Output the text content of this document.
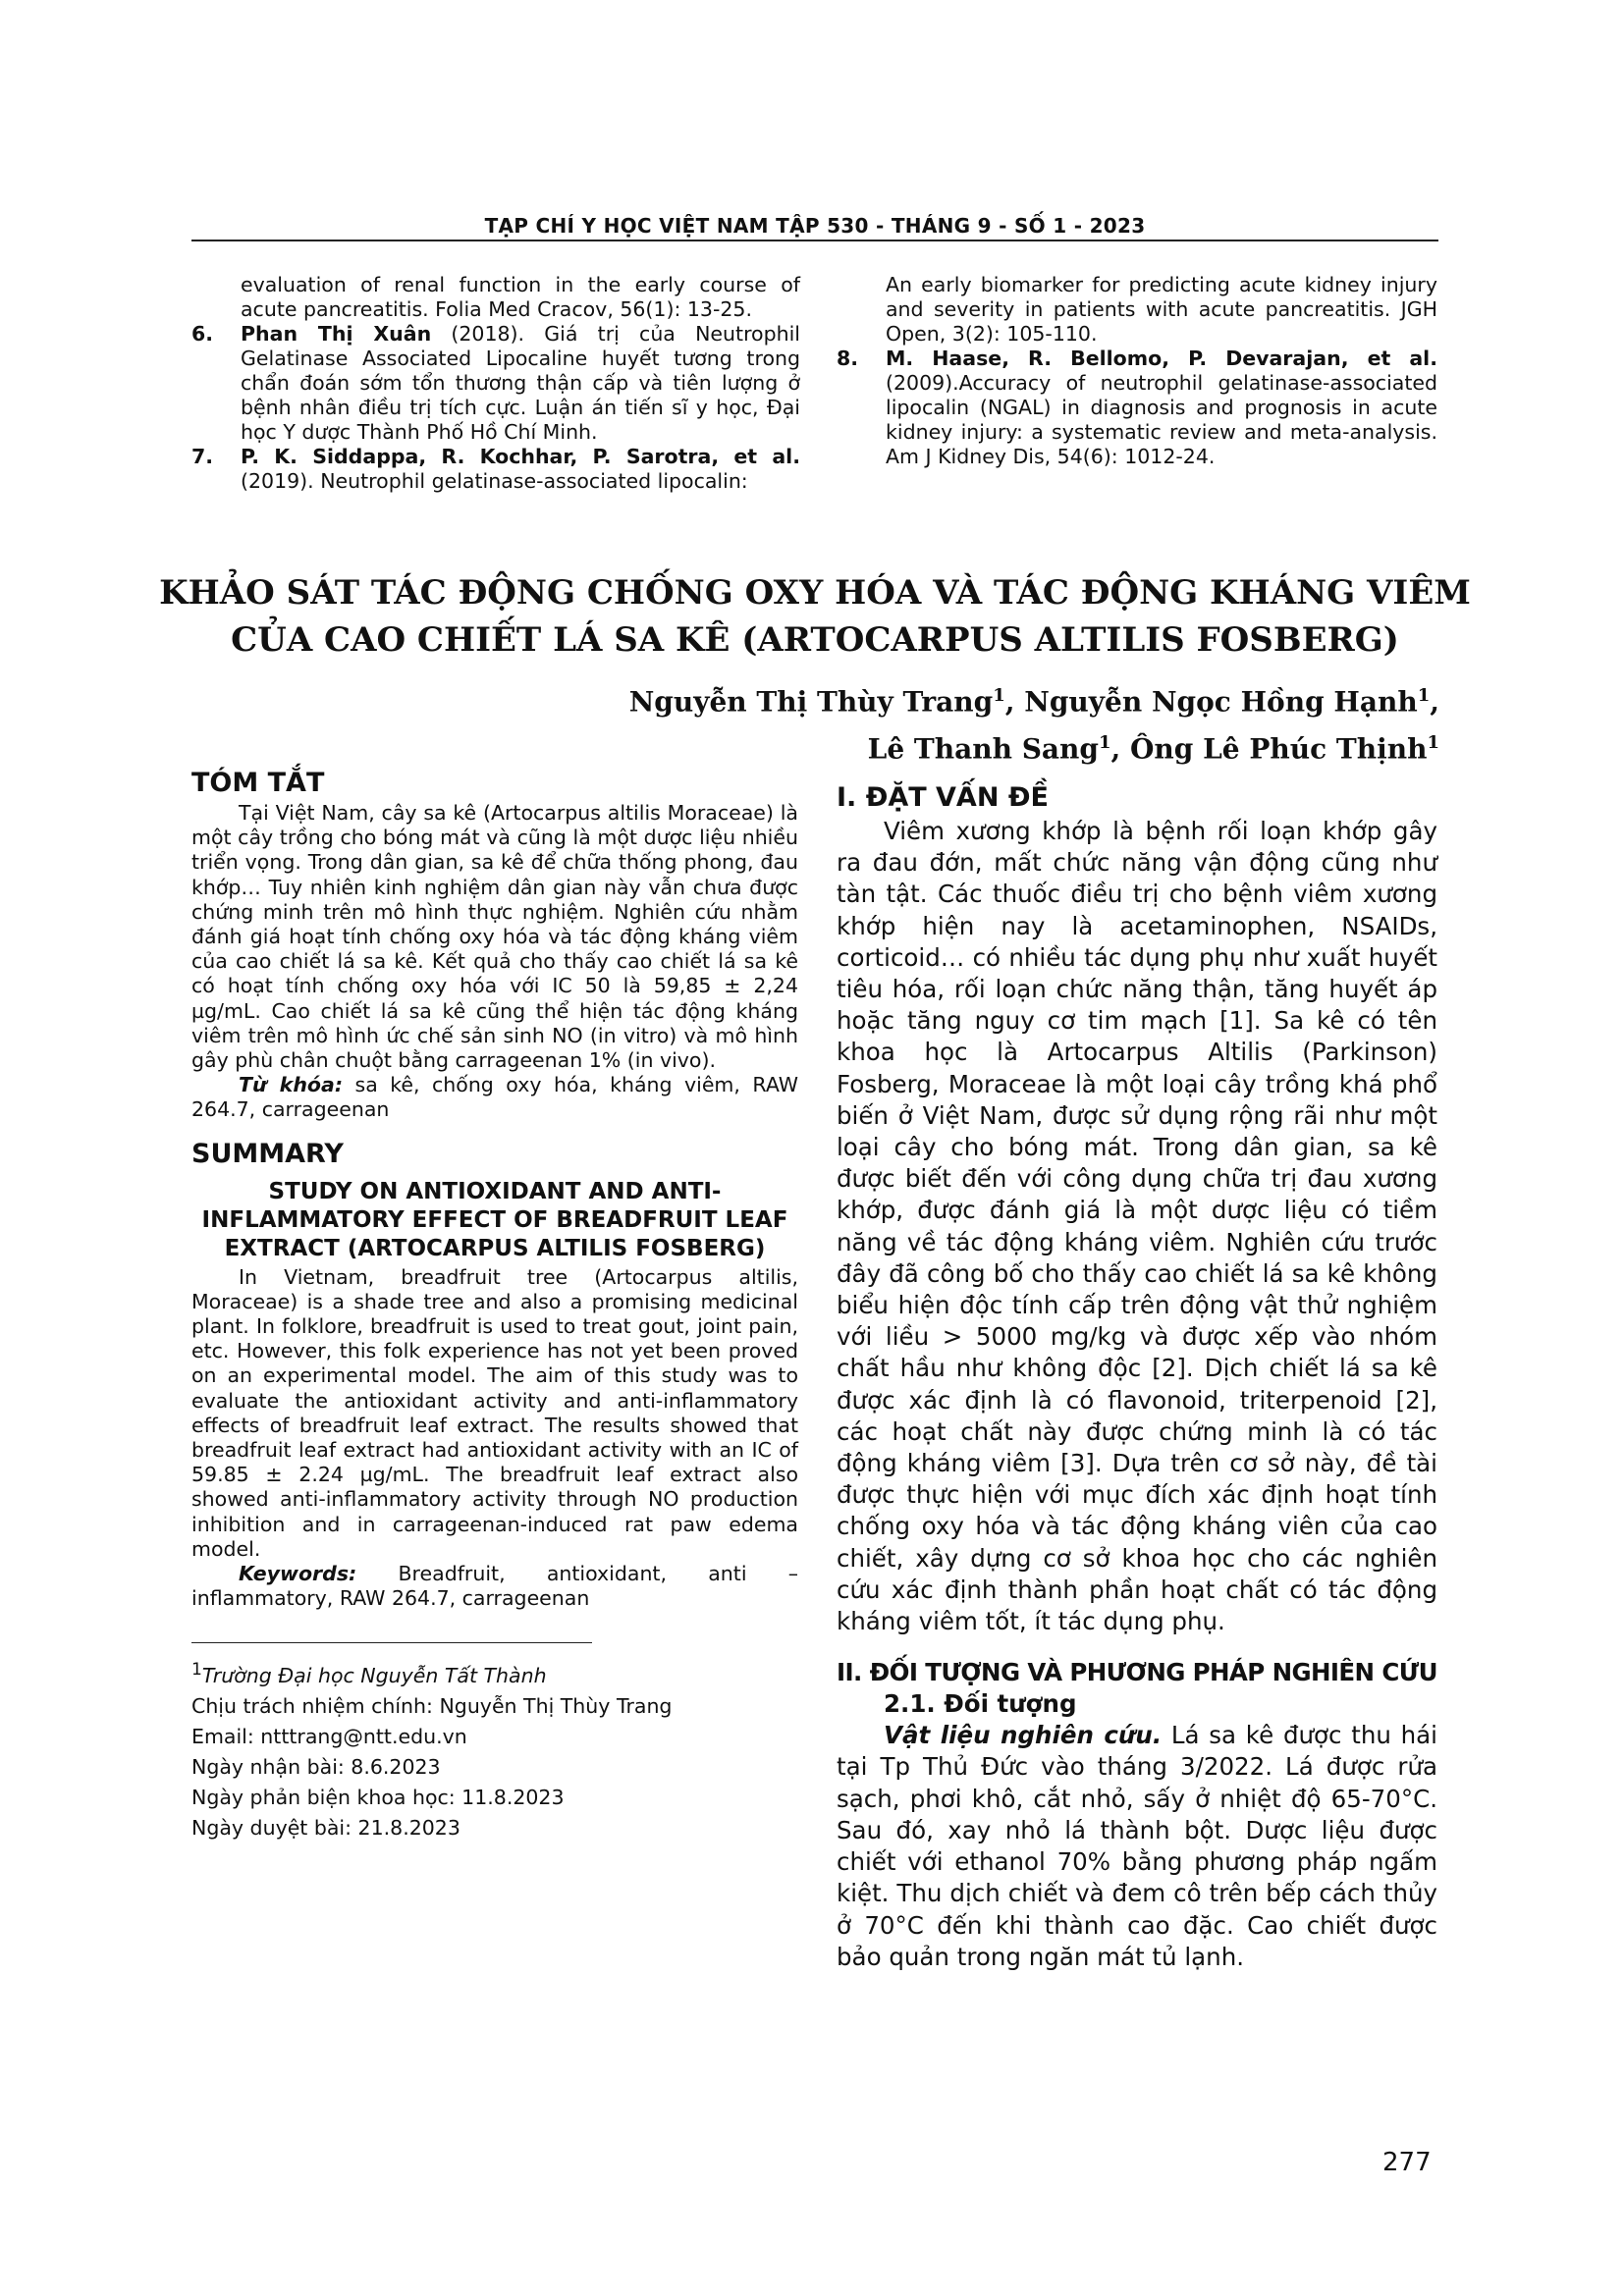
TẠP CHÍ Y HỌC VIỆT NAM TẬP 530 - THÁNG 9 - SỐ 1 - 2023

evaluation of renal function in the early course of acute pancreatitis. Folia Med Cracov, 56(1): 13-25.

6. Phan Thị Xuân (2018). Giá trị của Neutrophil Gelatinase Associated Lipocaline huyết tương trong chẩn đoán sớm tổn thương thận cấp và tiên lượng ở bệnh nhân điều trị tích cực. Luận án tiến sĩ y học, Đại học Y dược Thành Phố Hồ Chí Minh.

7. P. K. Siddappa, R. Kochhar, P. Sarotra, et al. (2019). Neutrophil gelatinase-associated lipocalin:

An early biomarker for predicting acute kidney injury and severity in patients with acute pancreatitis. JGH Open, 3(2): 105-110.

8. M. Haase, R. Bellomo, P. Devarajan, et al. (2009).Accuracy of neutrophil gelatinase-associated lipocalin (NGAL) in diagnosis and prognosis in acute kidney injury: a systematic review and meta-analysis. Am J Kidney Dis, 54(6): 1012-24.

KHẢO SÁT TÁC ĐỘNG CHỐNG OXY HÓA VÀ TÁC ĐỘNG KHÁNG VIÊM
CỦA CAO CHIẾT LÁ SA KÊ (ARTOCARPUS ALTILIS FOSBERG)
Nguyễn Thị Thùy Trang$^1$, Nguyễn Ngọc Hồng Hạnh$^1$,
Lê Thanh Sang$^1$, Ông Lê Phúc Thịnh$^1$
TÓM TẮT

Tại Việt Nam, cây sa kê (Artocarpus altilis Moraceae) là một cây trồng cho bóng mát và cũng là một dược liệu nhiều triển vọng. Trong dân gian, sa kê để chữa thống phong, đau khớp… Tuy nhiên kinh nghiệm dân gian này vẫn chưa được chứng minh trên mô hình thực nghiệm. Nghiên cứu nhằm đánh giá hoạt tính chống oxy hóa và tác động kháng viêm của cao chiết lá sa kê. Kết quả cho thấy cao chiết lá sa kê có hoạt tính chống oxy hóa với IC 50 là 59,85 ± 2,24 µg/mL. Cao chiết lá sa kê cũng thể hiện tác động kháng viêm trên mô hình ức chế sản sinh NO (in vitro) và mô hình gây phù chân chuột bằng carrageenan 1% (in vivo).

Từ khóa: sa kê, chống oxy hóa, kháng viêm, RAW 264.7, carrageenan

SUMMARY
STUDY ON ANTIOXIDANT AND ANTI-INFLAMMATORY EFFECT OF BREADFRUIT LEAF EXTRACT (ARTOCARPUS ALTILIS FOSBERG)

In Vietnam, breadfruit tree (Artocarpus altilis, Moraceae) is a shade tree and also a promising medicinal plant. In folklore, breadfruit is used to treat gout, joint pain, etc. However, this folk experience has not yet been proved on an experimental model. The aim of this study was to evaluate the antioxidant activity and anti-inflammatory effects of breadfruit leaf extract. The results showed that breadfruit leaf extract had antioxidant activity with an IC of 59.85 ± 2.24 µg/mL. The breadfruit leaf extract also showed anti-inflammatory activity through NO production inhibition and in carrageenan-induced rat paw edema model.

Keywords: Breadfruit, antioxidant, anti – inflammatory, RAW 264.7, carrageenan

$^1$Trường Đại học Nguyễn Tất Thành

Chịu trách nhiệm chính: Nguyễn Thị Thùy Trang

Email: ntttrang@ntt.edu.vn

Ngày nhận bài: 8.6.2023

Ngày phản biện khoa học: 11.8.2023

Ngày duyệt bài: 21.8.2023

I. ĐẶT VẤN ĐỀ

Viêm xương khớp là bệnh rối loạn khớp gây ra đau đớn, mất chức năng vận động cũng như tàn tật. Các thuốc điều trị cho bệnh viêm xương khớp hiện nay là acetaminophen, NSAIDs, corticoid… có nhiều tác dụng phụ như xuất huyết tiêu hóa, rối loạn chức năng thận, tăng huyết áp hoặc tăng nguy cơ tim mạch [1]. Sa kê có tên khoa học là Artocarpus Altilis (Parkinson) Fosberg, Moraceae là một loại cây trồng khá phổ biến ở Việt Nam, được sử dụng rộng rãi như một loại cây cho bóng mát. Trong dân gian, sa kê được biết đến với công dụng chữa trị đau xương khớp, được đánh giá là một dược liệu có tiềm năng về tác động kháng viêm. Nghiên cứu trước đây đã công bố cho thấy cao chiết lá sa kê không biểu hiện độc tính cấp trên động vật thử nghiệm với liều > 5000 mg/kg và được xếp vào nhóm chất hầu như không độc [2]. Dịch chiết lá sa kê được xác định là có flavonoid, triterpenoid [2], các hoạt chất này được chứng minh là có tác động kháng viêm [3]. Dựa trên cơ sở này, đề tài được thực hiện với mục đích xác định hoạt tính chống oxy hóa và tác động kháng viên của cao chiết, xây dựng cơ sở khoa học cho các nghiên cứu xác định thành phần hoạt chất có tác động kháng viêm tốt, ít tác dụng phụ.

II. ĐỐI TƯỢNG VÀ PHƯƠNG PHÁP NGHIÊN CỨU
2.1. Đối tượng

Vật liệu nghiên cứu. Lá sa kê được thu hái tại Tp Thủ Đức vào tháng 3/2022. Lá được rửa sạch, phơi khô, cắt nhỏ, sấy ở nhiệt độ 65-70°C. Sau đó, xay nhỏ lá thành bột. Dược liệu được chiết với ethanol 70% bằng phương pháp ngấm kiệt. Thu dịch chiết và đem cô trên bếp cách thủy ở 70°C đến khi thành cao đặc. Cao chiết được bảo quản trong ngăn mát tủ lạnh.

277
